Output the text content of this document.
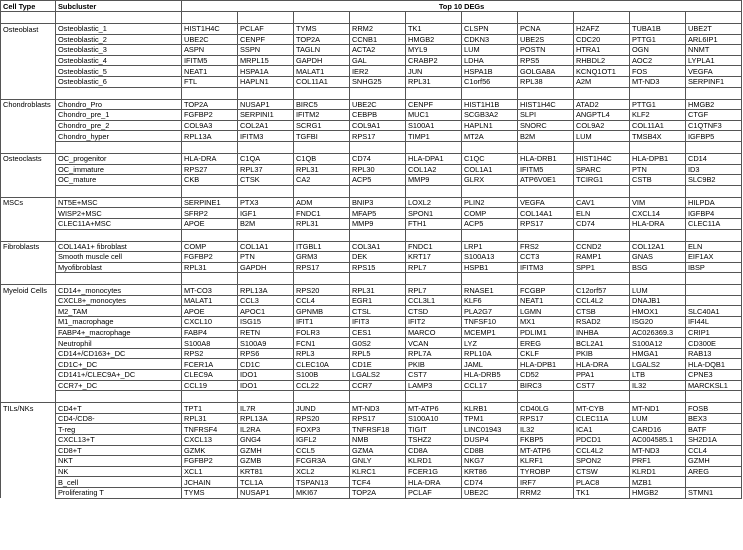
Cell Type	Subcluster	Top 10 DEGs									

Osteoblast	Osteoblastic_1	HIST1H4C	PCLAF	TYMS	RRM2	TK1	CLSPN	PCNA	H2AFZ	TUBA1B	UBE2T
	Osteoblastic_2	UBE2C	CENPF	TOP2A	CCNB1	HMGB2	CDKN3	UBE2S	CDC20	PTTG1	ARL6IP1
	Osteoblastic_3	ASPN	SSPN	TAGLN	ACTA2	MYL9	LUM	POSTN	HTRA1	OGN	NNMT
	Osteoblastic_4	IFITM5	MRPL15	GAPDH	GAL	CRABP2	LDHA	RPS5	RHBDL2	AOC2	LYPLA1
	Osteoblastic_5	NEAT1	HSPA1A	MALAT1	IER2	JUN	HSPA1B	GOLGA8A	KCNQ1OT1	FOS	VEGFA
	Osteoblastic_6	FTL	HAPLN1	COL11A1	SNHG25	RPL31	C1orf56	RPL38	A2M	MT-ND3	SERPINF1

Chondroblasts	Chondro_Pro	TOP2A	NUSAP1	BIRC5	UBE2C	CENPF	HIST1H1B	HIST1H4C	ATAD2	PTTG1	HMGB2
	Chondro_pre_1	FGFBP2	SERPINI1	IFITM2	CEBPB	MUC1	SCGB3A2	SLPI	ANGPTL4	KLF2	CTGF
	Chondro_pre_2	COL9A3	COL2A1	SCRG1	COL9A1	S100A1	HAPLN1	SNORC	COL9A2	COL11A1	C1QTNF3
	Chondro_hyper	RPL13A	IFITM3	TGFBI	RPS17	TIMP1	MT2A	B2M	LUM	TMSB4X	IGFBP5

Osteoclasts	OC_progenitor	HLA-DRA	C1QA	C1QB	CD74	HLA-DPA1	C1QC	HLA-DRB1	HIST1H4C	HLA-DPB1	CD14
	OC_immature	RPS27	RPL37	RPL31	RPL30	COL1A2	COL1A1	IFITM5	SPARC	PTN	ID3
	OC_mature	CKB	CTSK	CA2	ACP5	MMP9	GLRX	ATP6V0E1	TCIRG1	CSTB	SLC9B2

MSCs	NT5E+MSC	SERPINE1	PTX3	ADM	BNIP3	LOXL2	PLIN2	VEGFA	CAV1	VIM	HILPDA
	WISP2+MSC	SFRP2	IGF1	FNDC1	MFAP5	SPON1	COMP	COL14A1	ELN	CXCL14	IGFBP4
	CLEC11A+MSC	APOE	B2M	RPL31	MMP9	FTH1	ACP5	RPS17	CD74	HLA-DRA	CLEC11A

Fibroblasts	COL14A1+ fibroblast	COMP	COL1A1	ITGBL1	COL3A1	FNDC1	LRP1	FRS2	CCND2	COL12A1	ELN
	Smooth muscle cell	FGFBP2	PTN	GRM3	DEK	KRT17	S100A13	CCT3	RAMP1	GNAS	EIF1AX
	Myofibroblast	RPL31	GAPDH	RPS17	RPS15	RPL7	HSPB1	IFITM3	SPP1	BSG	IBSP

Myeloid Cells	CD14+_monocytes	MT-CO3	RPL13A	RPS20	RPL31	RPL7	RNASE1	FCGBP	C12orf57	LUM	
	CXCL8+_monocytes	MALAT1	CCL3	CCL4	EGR1	CCL3L1	KLF6	NEAT1	CCL4L2	DNAJB1	
	M2_TAM	APOE	APOC1	GPNMB	CTSL	CTSD	PLA2G7	LGMN	CTSB	HMOX1	SLC40A1
	M1_macrophage	CXCL10	ISG15	IFIT1	IFIT3	IFIT2	TNFSF10	MX1	RSAD2	ISG20	IFI44L
	FABP4+_macrophage	FABP4	RETN	FOLR3	CES1	MARCO	MCEMP1	PDLIM1	INHBA	AC026369.3	CRIP1
	Neutrophil	S100A8	S100A9	FCN1	G0S2	VCAN	LYZ	EREG	BCL2A1	S100A12	CD300E
	CD14+/CD163+_DC	RPS2	RPS6	RPL3	RPL5	RPL7A	RPL10A	CKLF	PKIB	HMGA1	RAB13
	CD1C+_DC	FCER1A	CD1C	CLEC10A	CD1E	PKIB	JAML	HLA-DPB1	HLA-DRA	LGALS2	HLA-DQB1
	CD141+/CLEC9A+_DC	CLEC9A	IDO1	S100B	LGALS2	CST7	HLA-DRB5	CD52	PPA1	LTB	CPNE3
	CCR7+_DC	CCL19	IDO1	CCL22	CCR7	LAMP3	CCL17	BIRC3	CST7	IL32	MARCKSL1

TILs/NKs	CD4+T	TPT1	IL7R	JUND	MT-ND3	MT-ATP6	KLRB1	CD40LG	MT-CYB	MT-ND1	FOSB
	CD4-/CD8-	RPL31	RPL13A	RPS20	RPS17	S100A10	TPM1	RPS17	CLEC11A	LUM	BEX3
	T-reg	TNFRSF4	IL2RA	FOXP3	TNFRSF18	TIGIT	LINC01943	IL32	ICA1	CARD16	BATF
	CXCL13+T	CXCL13	GNG4	IGFL2	NMB	TSHZ2	DUSP4	FKBP5	PDCD1	AC004585.1	SH2D1A
	CD8+T	GZMK	GZMH	CCL5	GZMA	CD8A	CD8B	MT-ATP6	CCL4L2	MT-ND3	CCL4
	NKT	FGFBP2	GZMB	FCGR3A	GNLY	KLRD1	NKG7	KLRF1	SPON2	PRF1	GZMH
	NK	XCL1	KRT81	XCL2	KLRC1	FCER1G	KRT86	TYROBP	CTSW	KLRD1	AREG
	B_cell	JCHAIN	TCL1A	TSPAN13	TCF4	HLA-DRA	CD74	IRF7	PLAC8	MZB1	
	Proliferating T	TYMS	NUSAP1	MKI67	TOP2A	PCLAF	UBE2C	RRM2	TK1	HMGB2	STMN1
